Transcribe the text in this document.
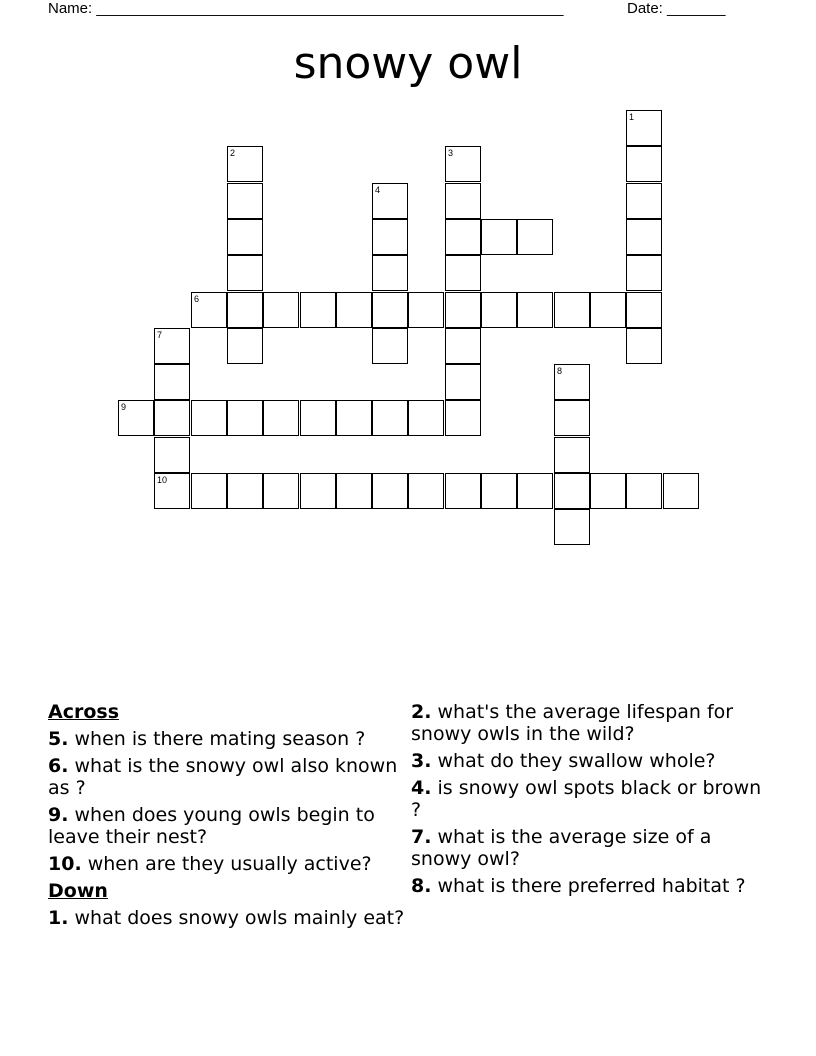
Name: ________________________________________________________	Date: _______
snowy owl
1
2	3
4
6
7
10
8
9
Across
5. when is there mating season ?
6. what is the snowy owl also known as ?
9. when does young owls begin to leave their nest?
10. when are they usually active?
Down
1. what does snowy owls mainly eat?
2. what's the average lifespan for snowy owls in the wild?
3. what do they swallow whole?
4. is snowy owl spots black or brown ?
7. what is the average size of a snowy owl?
8. what is there preferred habitat ?
